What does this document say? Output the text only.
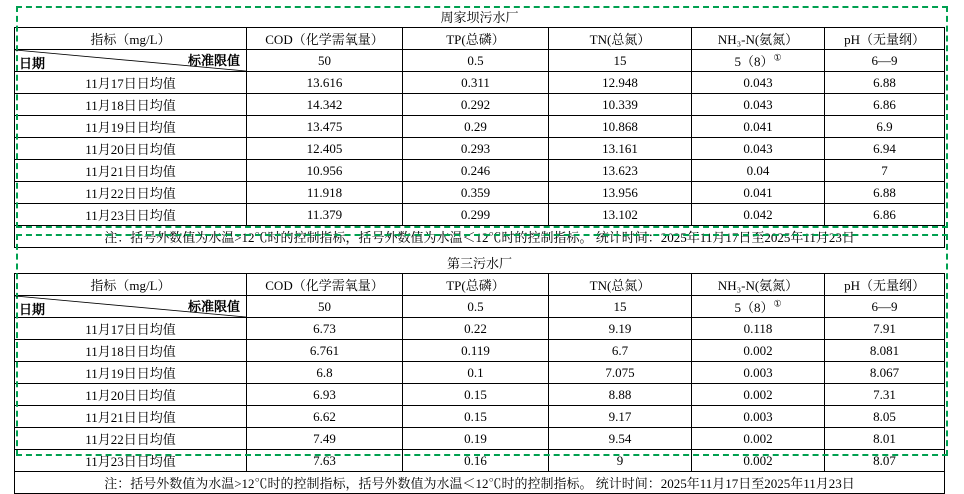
周家坝污水厂					
指标（mg/L）	COD（化学需氧量）	TP(总磷）	TN(总氮）	NH₃-N(氨氮）	pH（无量纲）

日期 标准限值	50	0.5	15	5（8）①	6—9
11月17日日均值	13.616	0.311	12.948	0.043	6.88
11月18日日均值	14.342	0.292	10.339	0.043	6.86
11月19日日均值	13.475	0.29	10.868	0.041	6.9
11月20日日均值	12.405	0.293	13.161	0.043	6.94
11月21日日均值	10.956	0.246	13.623	0.04	7
11月22日日均值	11.918	0.359	13.956	0.041	6.88
11月23日日均值	11.379	0.299	13.102	0.042	6.86
注：括号外数值为水温>12℃时的控制指标，括号外数值为水温＜12℃时的控制指标。 统计时间：2025年11月17日至2025年11月23日					
第三污水厂					
指标（mg/L）	COD（化学需氧量）	TP(总磷）	TN(总氮）	NH₃-N(氨氮）	pH（无量纲）

日期 标准限值	50	0.5	15	5（8）①	6—9
11月17日日均值	6.73	0.22	9.19	0.118	7.91
11月18日日均值	6.761	0.119	6.7	0.002	8.081
11月19日日均值	6.8	0.1	7.075	0.003	8.067
11月20日日均值	6.93	0.15	8.88	0.002	7.31
11月21日日均值	6.62	0.15	9.17	0.003	8.05
11月22日日均值	7.49	0.19	9.54	0.002	8.01
11月23日日均值	7.63	0.16	9	0.002	8.07
注：括号外数值为水温>12℃时的控制指标，括号外数值为水温＜12℃时的控制指标。 统计时间：2025年11月17日至2025年11月23日					
